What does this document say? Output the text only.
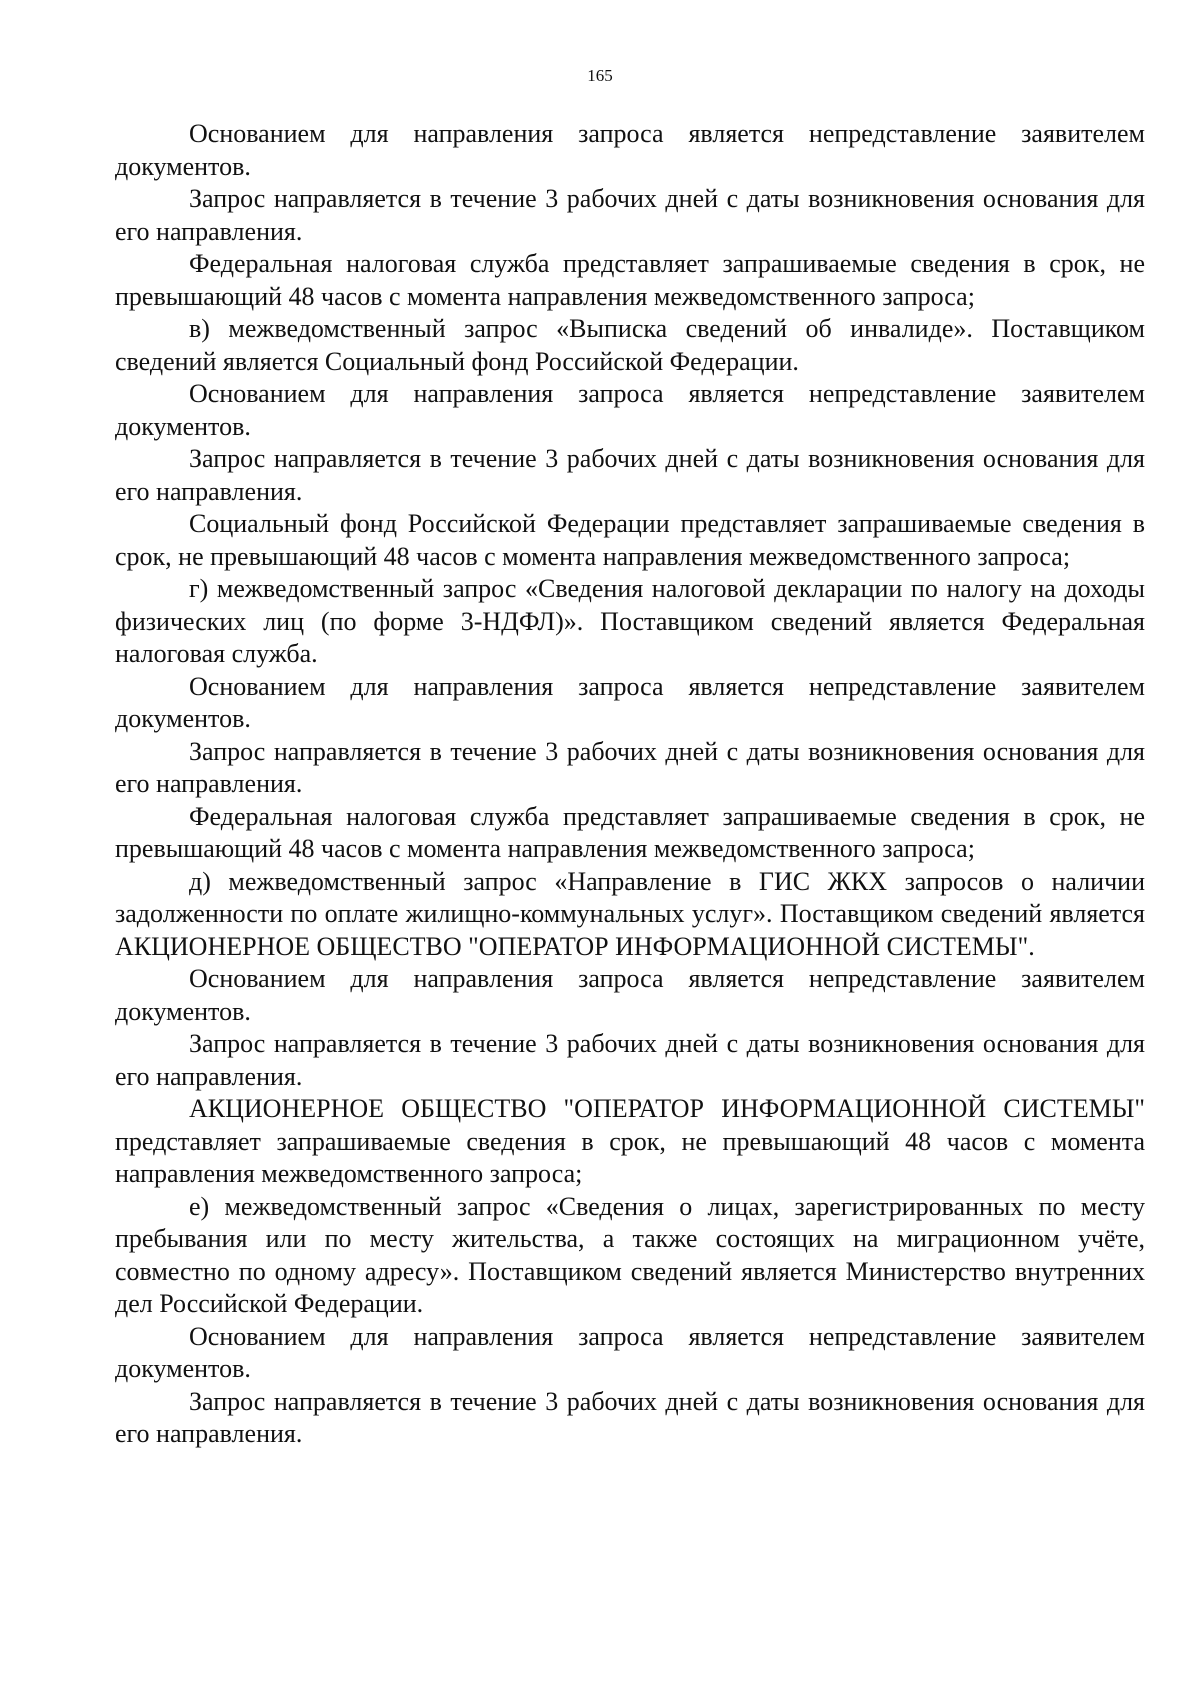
165

Основанием для направления запроса является непредставление заявителем документов.

Запрос направляется в течение 3 рабочих дней с даты возникновения основания для его направления.

Федеральная налоговая служба представляет запрашиваемые сведения в срок, не превышающий 48 часов с момента направления межведомственного запроса;

в) межведомственный запрос «Выписка сведений об инвалиде». Поставщиком сведений является Социальный фонд Российской Федерации.

Основанием для направления запроса является непредставление заявителем документов.

Запрос направляется в течение 3 рабочих дней с даты возникновения основания для его направления.

Социальный фонд Российской Федерации представляет запрашиваемые сведения в срок, не превышающий 48 часов с момента направления межведомственного запроса;

г) межведомственный запрос «Сведения налоговой декларации по налогу на доходы физических лиц (по форме 3-НДФЛ)». Поставщиком сведений является Федеральная налоговая служба.

Основанием для направления запроса является непредставление заявителем документов.

Запрос направляется в течение 3 рабочих дней с даты возникновения основания для его направления.

Федеральная налоговая служба представляет запрашиваемые сведения в срок, не превышающий 48 часов с момента направления межведомственного запроса;

д) межведомственный запрос «Направление в ГИС ЖКХ запросов о наличии задолженности по оплате жилищно-коммунальных услуг». Поставщиком сведений является АКЦИОНЕРНОЕ ОБЩЕСТВО "ОПЕРАТОР ИНФОРМАЦИОННОЙ СИСТЕМЫ".

Основанием для направления запроса является непредставление заявителем документов.

Запрос направляется в течение 3 рабочих дней с даты возникновения основания для его направления.

АКЦИОНЕРНОЕ ОБЩЕСТВО "ОПЕРАТОР ИНФОРМАЦИОННОЙ СИСТЕМЫ" представляет запрашиваемые сведения в срок, не превышающий 48 часов с момента направления межведомственного запроса;

е) межведомственный запрос «Сведения о лицах, зарегистрированных по месту пребывания или по месту жительства, а также состоящих на миграционном учёте, совместно по одному адресу». Поставщиком сведений является Министерство внутренних дел Российской Федерации.

Основанием для направления запроса является непредставление заявителем документов.

Запрос направляется в течение 3 рабочих дней с даты возникновения основания для его направления.
